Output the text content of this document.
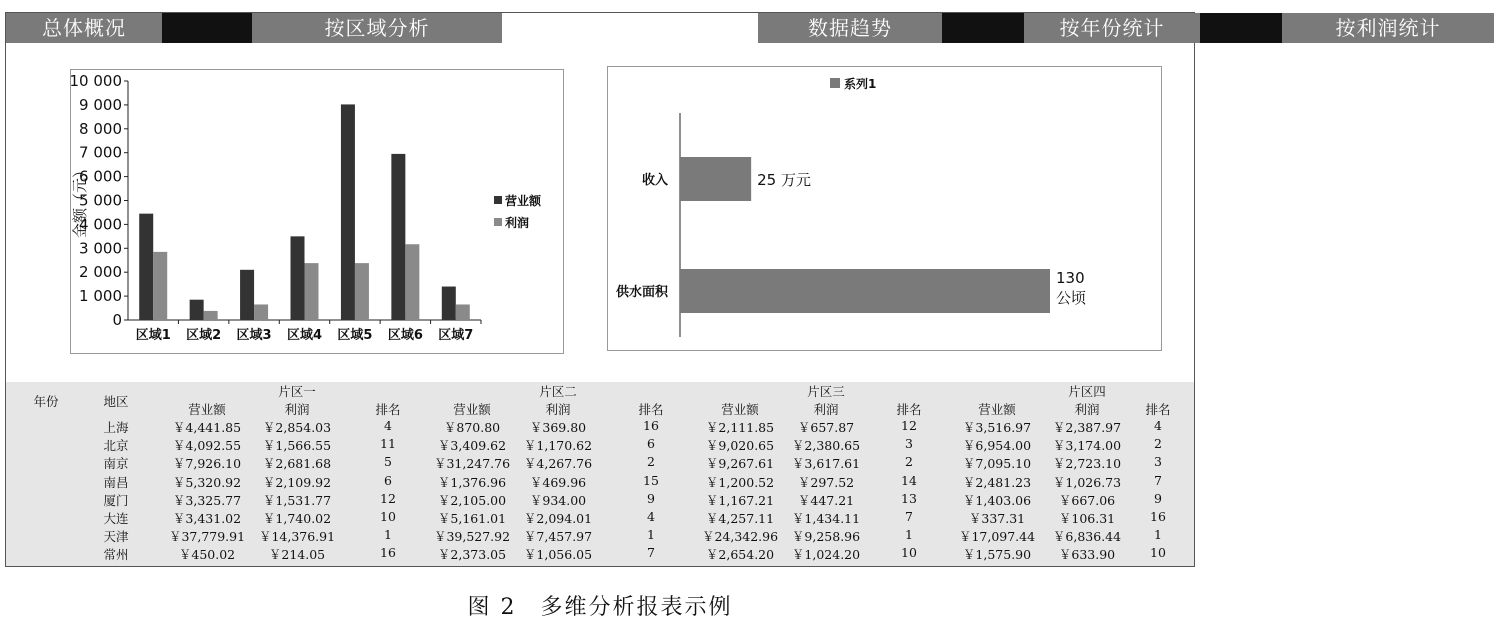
总体概况	按区域分析	数据趋势	按年份统计	按利润统计
0
1 000
2 000
3 000
4 000
5 000
6 000
7 000
8 000
9 000
10 000
金额（元）
区域1 区域2 区域3 区域4 区域5 区域6 区域7
营业额
利润
系列1
收入	25 万元
供水面积
130
公顷
年份	地区
片区一	片区二	片区三	片区四
营业额	利润	排名	营业额	利润	排名	营业额	利润	排名	营业额	利润	排名
上海	￥4,441.85	￥2,854.03	4	￥870.80	￥369.80	16	￥2,111.85	￥657.87	12	￥3,516.97	￥2,387.97	4
北京	￥4,092.55	￥1,566.55	11	￥3,409.62	￥1,170.62	6	￥9,020.65	￥2,380.65	3	￥6,954.00	￥3,174.00	2
南京	￥7,926.10	￥2,681.68	5	￥31,247.76	￥4,267.76	2	￥9,267.61	￥3,617.61	2	￥7,095.10	￥2,723.10	3
南昌	￥5,320.92	￥2,109.92	6	￥1,376.96	￥469.96	15	￥1,200.52	￥297.52	14	￥2,481.23	￥1,026.73	7
厦门	￥3,325.77	￥1,531.77	12	￥2,105.00	￥934.00	9	￥1,167.21	￥447.21	13	￥1,403.06	￥667.06	9
大连	￥3,431.02	￥1,740.02	10	￥5,161.01	￥2,094.01	4	￥4,257.11	￥1,434.11	7	￥337.31	￥106.31	16
天津	￥37,779.91	￥14,376.91	1	￥39,527.92	￥7,457.97	1	￥24,342.96	￥9,258.96	1	￥17,097.44	￥6,836.44	1
常州	￥450.02	￥214.05	16	￥2,373.05	￥1,056.05	7	￥2,654.20	￥1,024.20	10	￥1,575.90	￥633.90	10
图 2　多维分析报表示例
